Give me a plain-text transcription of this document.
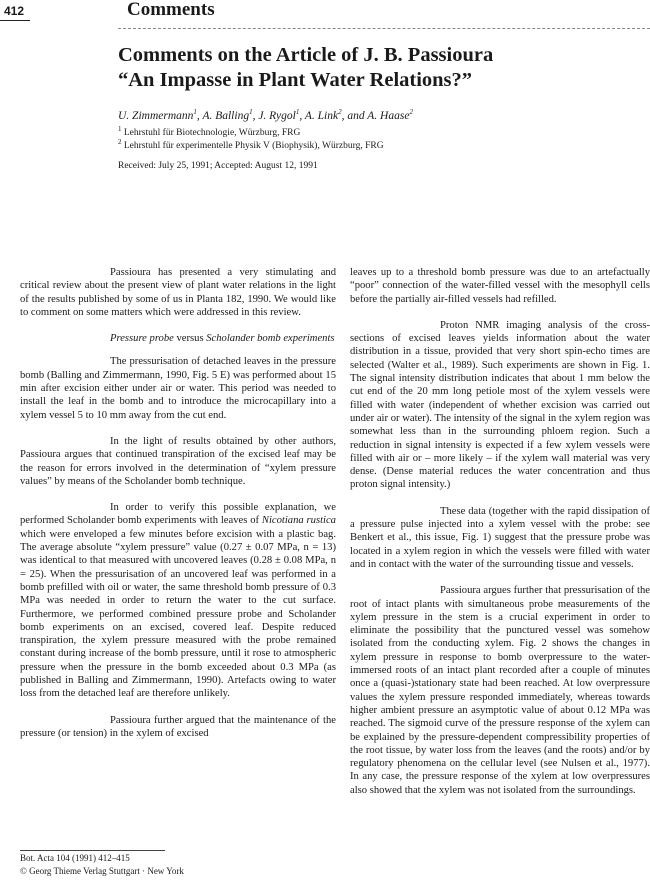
412	Comments
Comments on the Article of J. B. Passioura
“An Impasse in Plant Water Relations?”
U. Zimmermann$^1$, A. Balling$^1$, J. Rygol$^1$, A. Link$^2$, and A. Haase$^2$
$^1$ Lehrstuhl für Biotechnologie, Würzburg, FRG
$^2$ Lehrstuhl für experimentelle Physik V (Biophysik), Würzburg, FRG
Received: July 25, 1991; Accepted: August 12, 1991

Passioura has presented a very stimulating and critical review about the present view of plant water relations in the light of the results published by some of us in Planta 182, 1990. We would like to comment on some matters which were addressed in this review.

Pressure probe versus Scholander bomb experiments

The pressurisation of detached leaves in the pressure bomb (Balling and Zimmermann, 1990, Fig. 5 E) was performed about 15 min after excision either under air or water. This period was needed to install the leaf in the bomb and to introduce the microcapillary into a xylem vessel 5 to 10 mm away from the cut end.

In the light of results obtained by other authors, Passioura argues that continued transpiration of the excised leaf may be the reason for errors involved in the determination of “xylem pressure values” by means of the Scholander bomb technique.

In order to verify this possible explanation, we performed Scholander bomb experiments with leaves of Nicotiana rustica which were enveloped a few minutes before excision with a plastic bag. The average absolute “xylem pressure” value (0.27 ± 0.07 MPa, n = 13) was identical to that measured with uncovered leaves (0.28 ± 0.08 MPa, n = 25). When the pressurisation of an uncovered leaf was performed in a bomb prefilled with oil or water, the same threshold bomb pressure of 0.3 MPa was needed in order to return the water to the cut surface. Furthermore, we performed combined pressure probe and Scholander bomb experiments on an excised, covered leaf. Despite reduced transpiration, the xylem pressure measured with the probe remained constant during increase of the bomb pressure, until it rose to atmospheric pressure when the pressure in the bomb exceeded about 0.3 MPa (as published in Balling and Zimmermann, 1990). Artefacts owing to water loss from the detached leaf are therefore unlikely.

Passioura further argued that the maintenance of the pressure (or tension) in the xylem of excised

leaves up to a threshold bomb pressure was due to an artefactually “poor” connection of the water-filled vessel with the mesophyll cells before the partially air-filled vessels had refilled.

Proton NMR imaging analysis of the cross-sections of excised leaves yields information about the water distribution in a tissue, provided that very short spin-echo times are selected (Walter et al., 1989). Such experiments are shown in Fig. 1. The signal intensity distribution indicates that about 1 mm below the cut end of the 20 mm long petiole most of the xylem vessels were filled with water (independent of whether excision was carried out under air or water). The intensity of the signal in the xylem region was somewhat less than in the surrounding phloem region. Such a reduction in signal intensity is expected if a few xylem vessels were filled with air or – more likely – if the xylem wall material was very dense. (Dense material reduces the water concentration and thus proton signal intensity.)

These data (together with the rapid dissipation of a pressure pulse injected into a xylem vessel with the probe: see Benkert et al., this issue, Fig. 1) suggest that the pressure probe was located in a xylem region in which the vessels were filled with water and in contact with the water of the surrounding tissue and vessels.

Passioura argues further that pressurisation of the root of intact plants with simultaneous probe measurements of the xylem pressure in the stem is a crucial experiment in order to eliminate the possibility that the punctured vessel was somehow isolated from the conducting xylem. Fig. 2 shows the changes in xylem pressure in response to bomb overpressure to the water-immersed roots of an intact plant recorded after a couple of minutes once a (quasi-)stationary state had been reached. At low overpressure values the xylem pressure responded immediately, whereas towards higher ambient pressure an asymptotic value of about 0.12 MPa was reached. The sigmoid curve of the pressure response of the xylem can be explained by the pressure-dependent compressibility properties of the root tissue, by water loss from the leaves (and the roots) and/or by regulatory phenomena on the cellular level (see Nulsen et al., 1977). In any case, the pressure response of the xylem at low overpressures also showed that the xylem was not isolated from the surroundings.

Bot. Acta 104 (1991) 412–415
© Georg Thieme Verlag Stuttgart · New York
